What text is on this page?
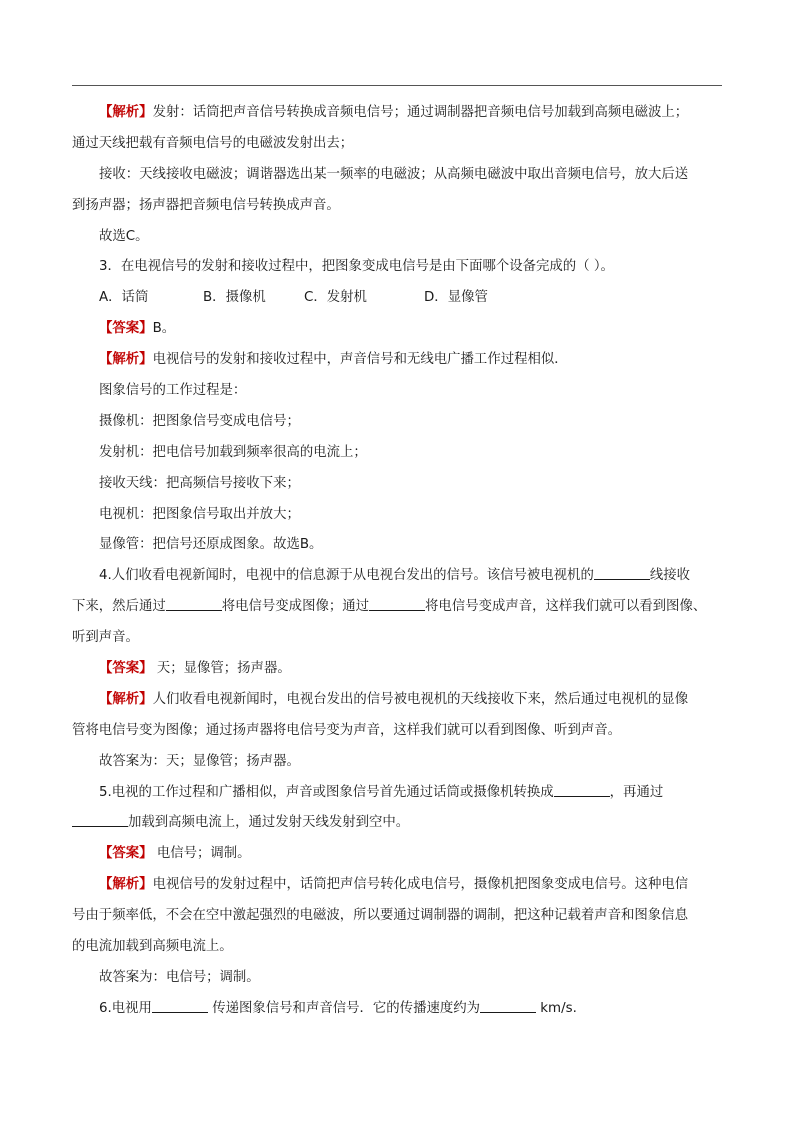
【解析】发射：话筒把声音信号转换成音频电信号；通过调制器把音频电信号加载到高频电磁波上；
通过天线把载有音频电信号的电磁波发射出去；
接收：天线接收电磁波；调谐器选出某一频率的电磁波；从高频电磁波中取出音频电信号，放大后送
到扬声器；扬声器把音频电信号转换成声音。
故选C。
3．在电视信号的发射和接收过程中，把图象变成电信号是由下面哪个设备完成的（ ）。
A．话筒	B．摄像机	C．发射机	D．显像管
【答案】B。
【解析】电视信号的发射和接收过程中，声音信号和无线电广播工作过程相似．
图象信号的工作过程是：
摄像机：把图象信号变成电信号；
发射机：把电信号加载到频率很高的电流上；
接收天线：把高频信号接收下来；
电视机：把图象信号取出并放大；
显像管：把信号还原成图象。故选B。
4.人们收看电视新闻时，电视中的信息源于从电视台发出的信号。该信号被电视机的	线接收
下来，然后通过	将电信号变成图像；通过	将电信号变成声音，这样我们就可以看到图像、
听到声音。
【答案】 天；显像管；扬声器。
【解析】人们收看电视新闻时，电视台发出的信号被电视机的天线接收下来，然后通过电视机的显像
管将电信号变为图像；通过扬声器将电信号变为声音，这样我们就可以看到图像、听到声音。
故答案为：天；显像管；扬声器。
5.电视的工作过程和广播相似，声音或图象信号首先通过话筒或摄像机转换成	，再通过
加载到高频电流上，通过发射天线发射到空中。
【答案】 电信号；调制。
【解析】电视信号的发射过程中，话筒把声信号转化成电信号，摄像机把图象变成电信号。这种电信
号由于频率低，不会在空中激起强烈的电磁波，所以要通过调制器的调制，把这种记载着声音和图象信息
的电流加载到高频电流上。
故答案为：电信号；调制。
6.电视用	传递图象信号和声音信号．它的传播速度约为	km/s.
